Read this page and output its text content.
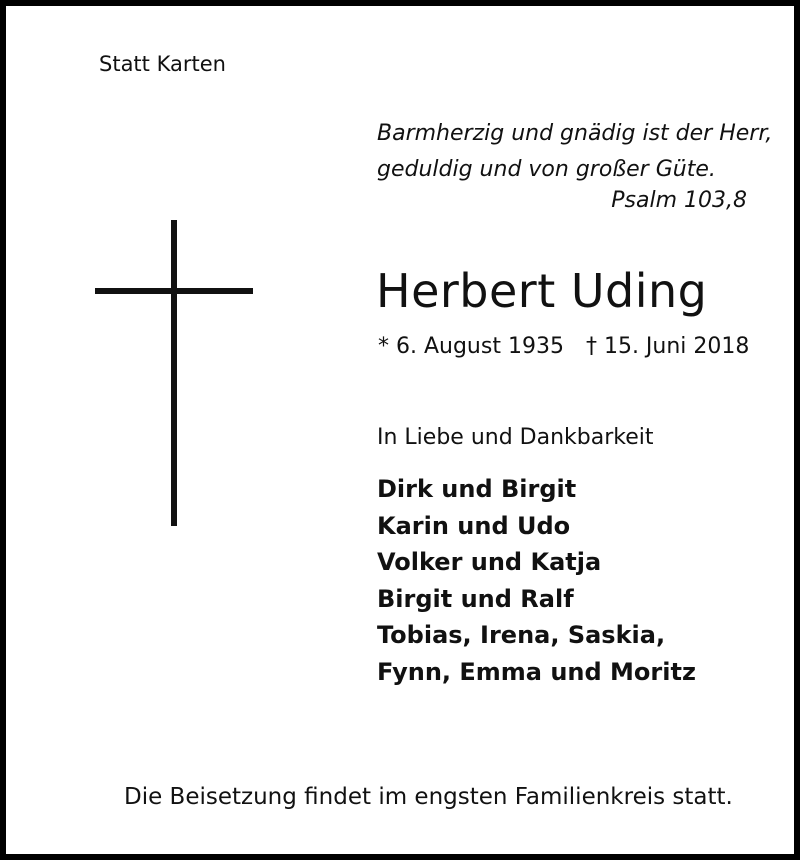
Statt Karten
Barmherzig und gnädig ist der Herr,
geduldig und von großer Güte.
Psalm 103,8
Herbert Uding
* 6. August 1935 † 15. Juni 2018
In Liebe und Dankbarkeit
Dirk und Birgit
Karin und Udo
Volker und Katja
Birgit und Ralf
Tobias, Irena, Saskia,
Fynn, Emma und Moritz
Die Beisetzung findet im engsten Familienkreis statt.
